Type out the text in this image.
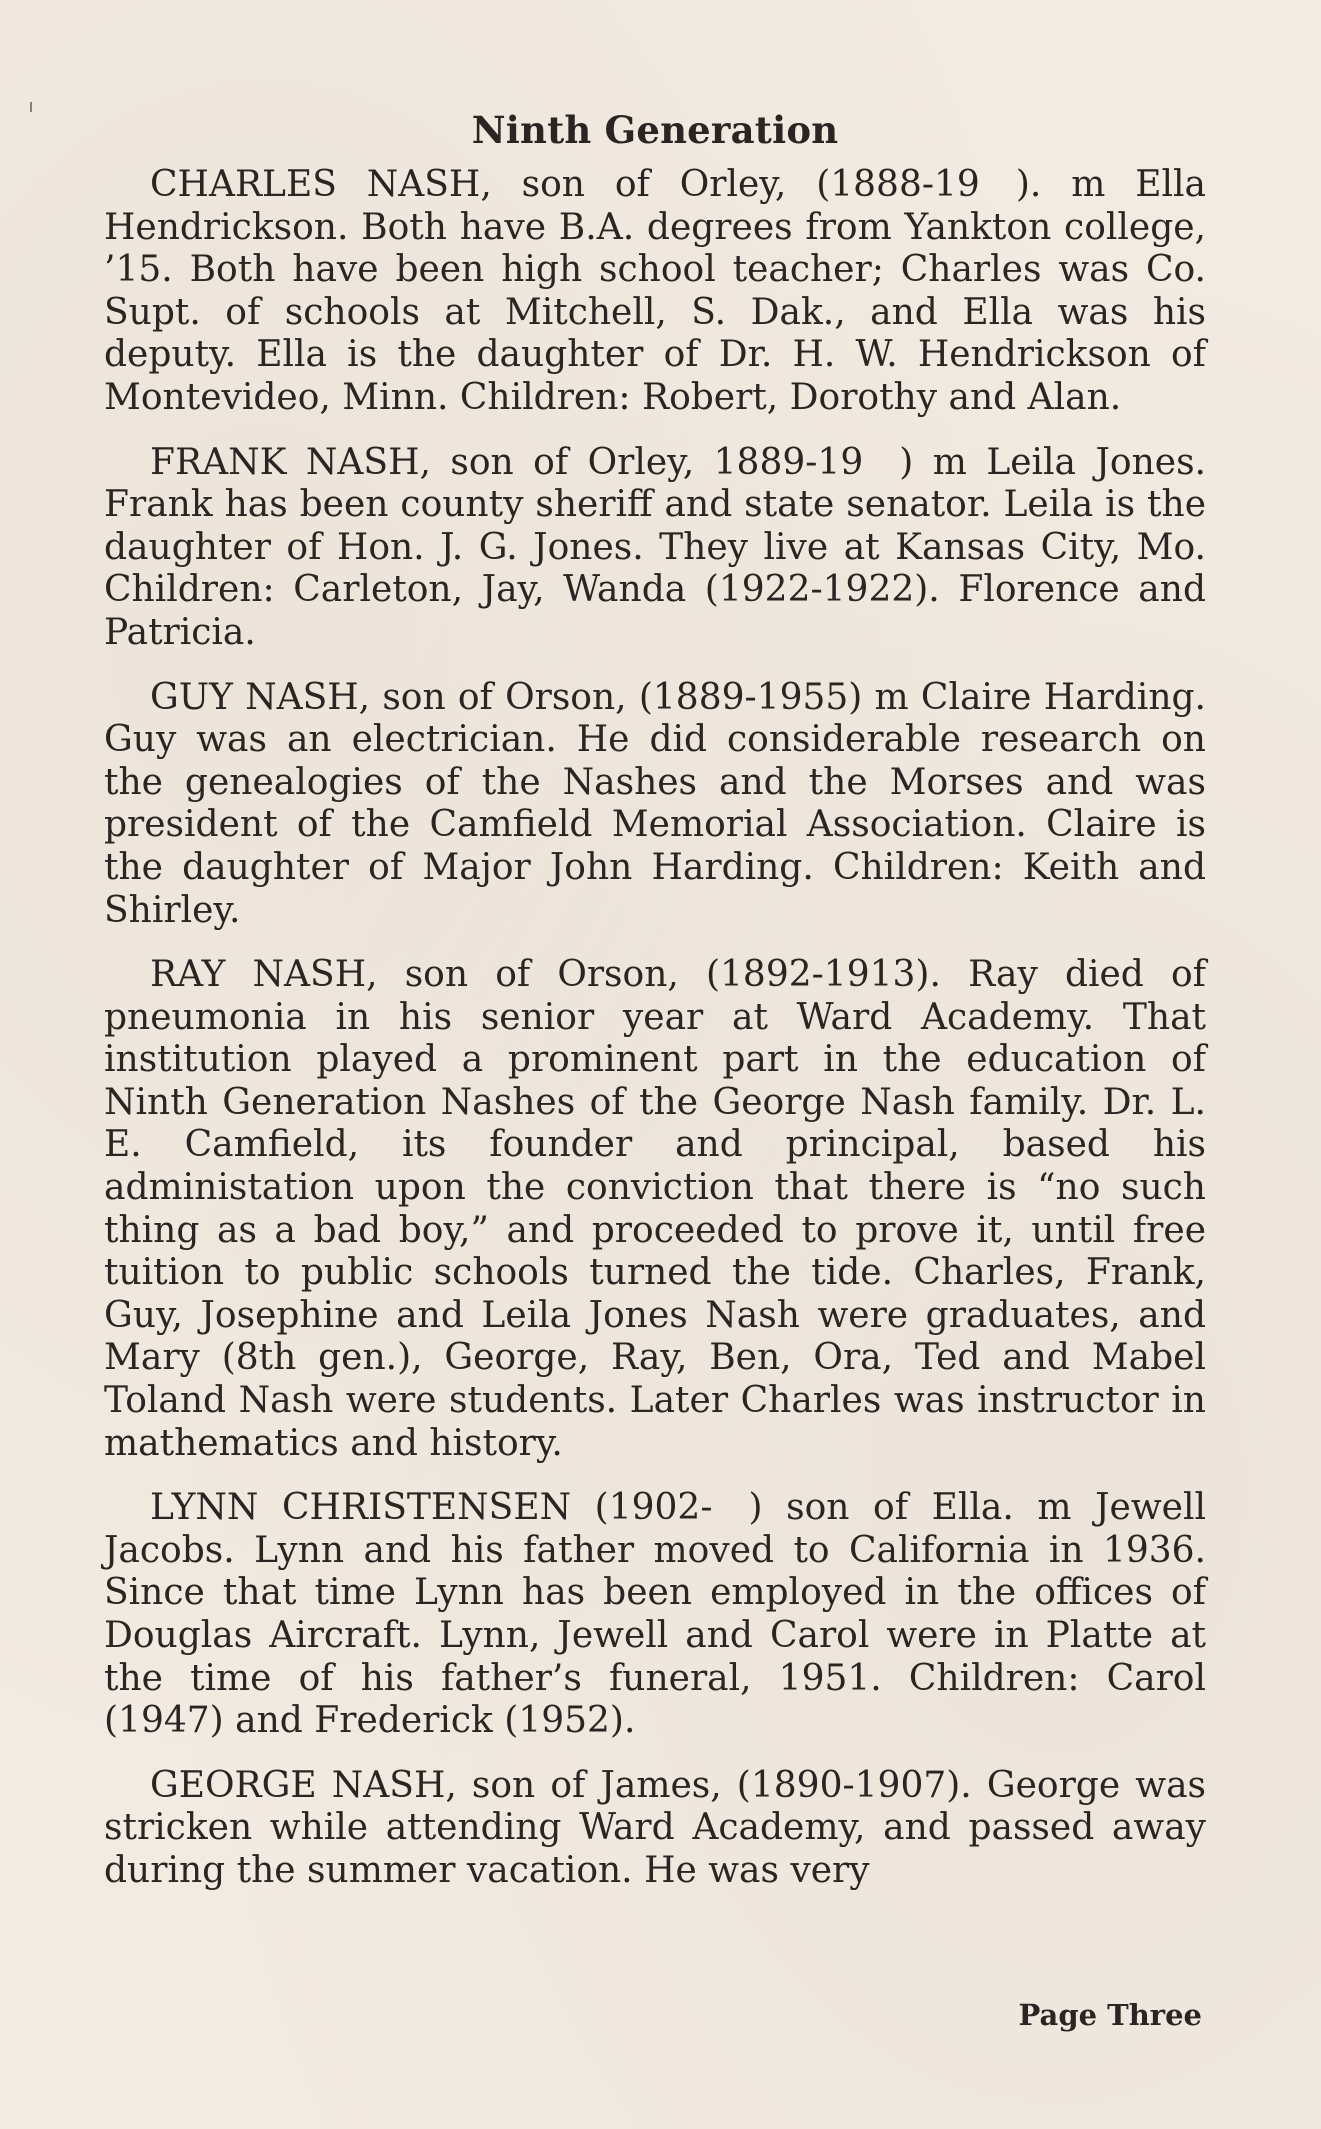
Ninth Generation

CHARLES NASH, son of Orley, (1888-19 ). m Ella Hendrickson. Both have B.A. degrees from Yankton college, ’15. Both have been high school teacher; Charles was Co. Supt. of schools at Mitchell, S. Dak., and Ella was his deputy. Ella is the daughter of Dr. H. W. Hendrickson of Montevideo, Minn. Children: Robert, Dorothy and Alan.

FRANK NASH, son of Orley, 1889-19 ) m Leila Jones. Frank has been county sheriff and state senator. Leila is the daughter of Hon. J. G. Jones. They live at Kansas City, Mo. Children: Carleton, Jay, Wanda (1922-1922). Florence and Patricia.

GUY NASH, son of Orson, (1889-1955) m Claire Harding. Guy was an electrician. He did considerable research on the genealogies of the Nashes and the Morses and was president of the Camfield Memorial Association. Claire is the daughter of Major John Harding. Children: Keith and Shirley.

RAY NASH, son of Orson, (1892-1913). Ray died of pneumonia in his senior year at Ward Academy. That institution played a prominent part in the education of Ninth Generation Nashes of the George Nash family. Dr. L. E. Camfield, its founder and principal, based his administation upon the conviction that there is “no such thing as a bad boy,” and proceeded to prove it, until free tuition to public schools turned the tide. Charles, Frank, Guy, Josephine and Leila Jones Nash were graduates, and Mary (8th gen.), George, Ray, Ben, Ora, Ted and Mabel Toland Nash were students. Later Charles was instructor in mathematics and history.

LYNN CHRISTENSEN (1902- ) son of Ella. m Jewell Jacobs. Lynn and his father moved to California in 1936. Since that time Lynn has been employed in the offices of Douglas Aircraft. Lynn, Jewell and Carol were in Platte at the time of his father’s funeral, 1951. Children: Carol (1947) and Frederick (1952).

GEORGE NASH, son of James, (1890-1907). George was stricken while attending Ward Academy, and passed away during the summer vacation. He was very

Page Three
